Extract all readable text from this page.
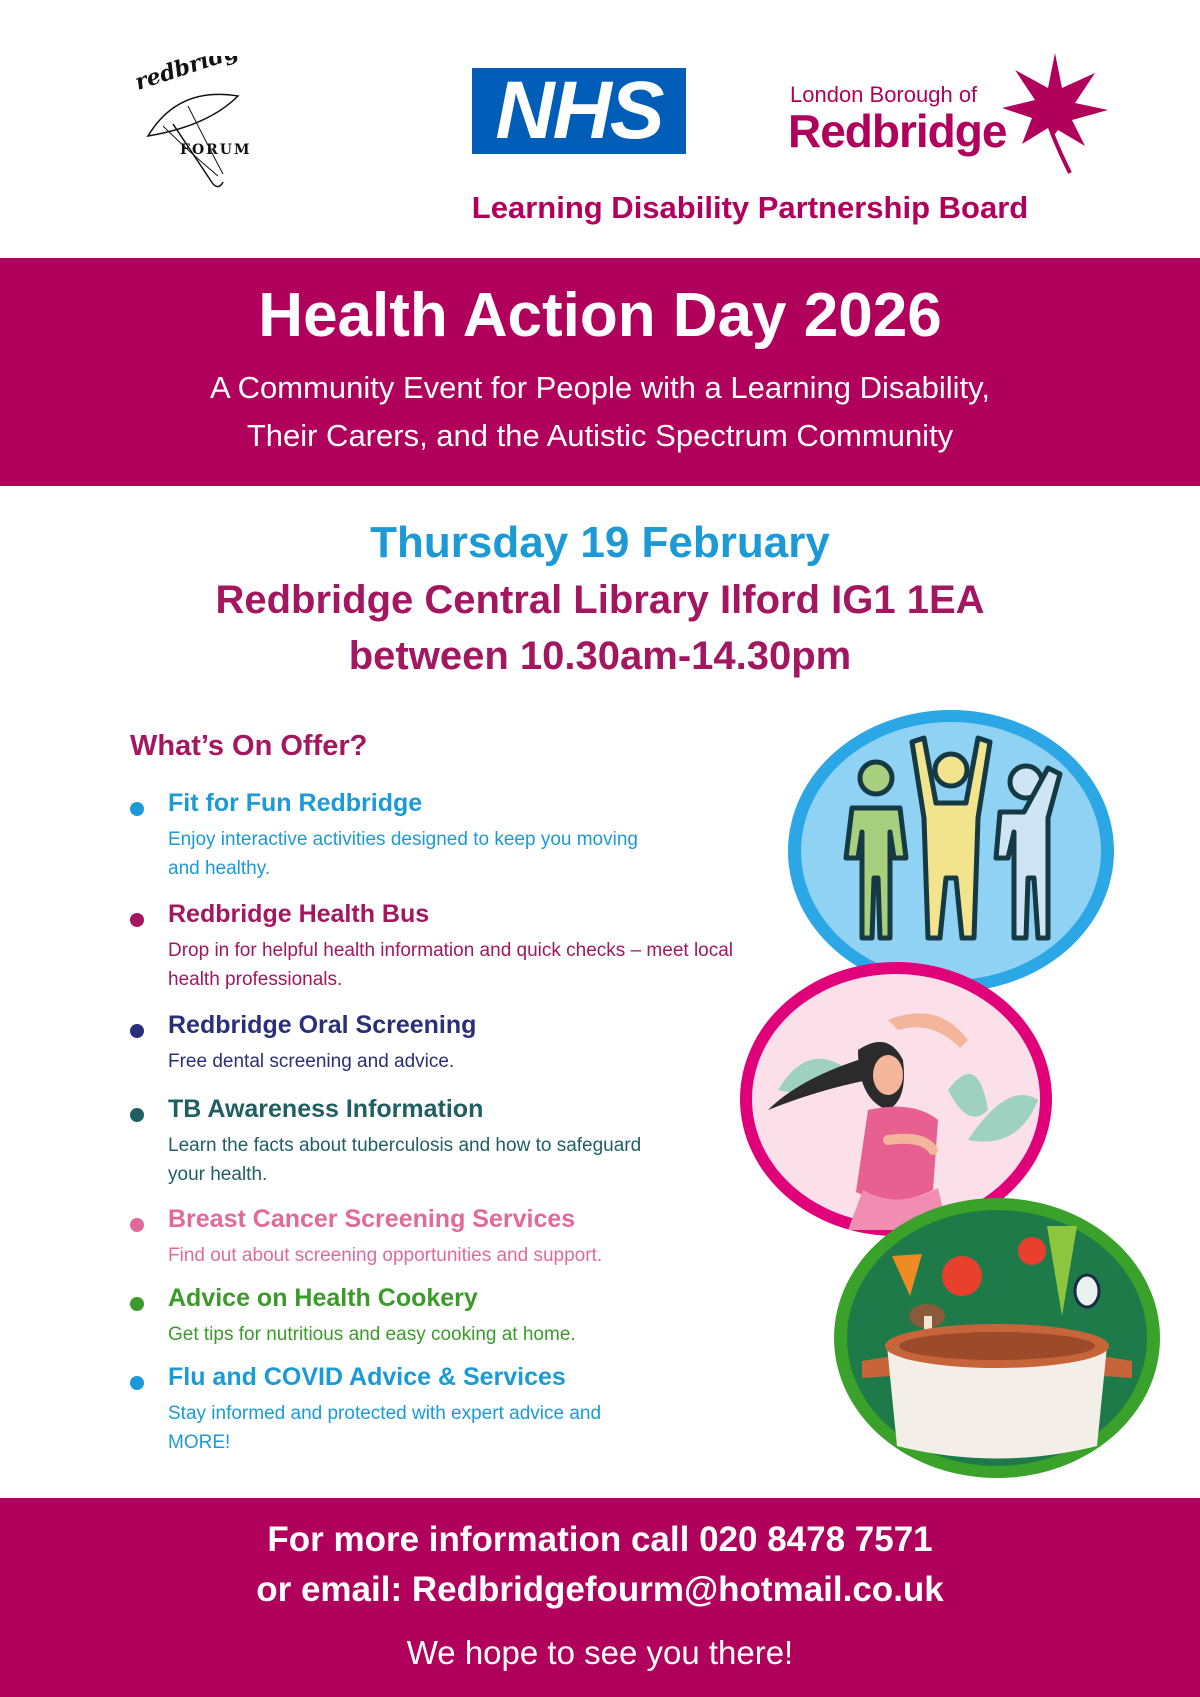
redbridge
FORUM	NHS	London Borough of
Redbridge
Learning Disability Partnership Board
Health Action Day 2026
A Community Event for People with a Learning Disability,
Their Carers, and the Autistic Spectrum Community
Thursday 19 February
Redbridge Central Library Ilford IG1 1EA
between 10.30am-14.30pm
What’s On Offer?
Fit for Fun Redbridge
Enjoy interactive activities designed to keep you moving and healthy.
Redbridge Health Bus
Drop in for helpful health information and quick checks – meet local health professionals.
Redbridge Oral Screening
Free dental screening and advice.
TB Awareness Information
Learn the facts about tuberculosis and how to safeguard your health.
Breast Cancer Screening Services
Find out about screening opportunities and support.
Advice on Health Cookery
Get tips for nutritious and easy cooking at home.
Flu and COVID Advice & Services
Stay informed and protected with expert advice and MORE!
For more information call 020 8478 7571
or email: Redbridgefourm@hotmail.co.uk
We hope to see you there!
